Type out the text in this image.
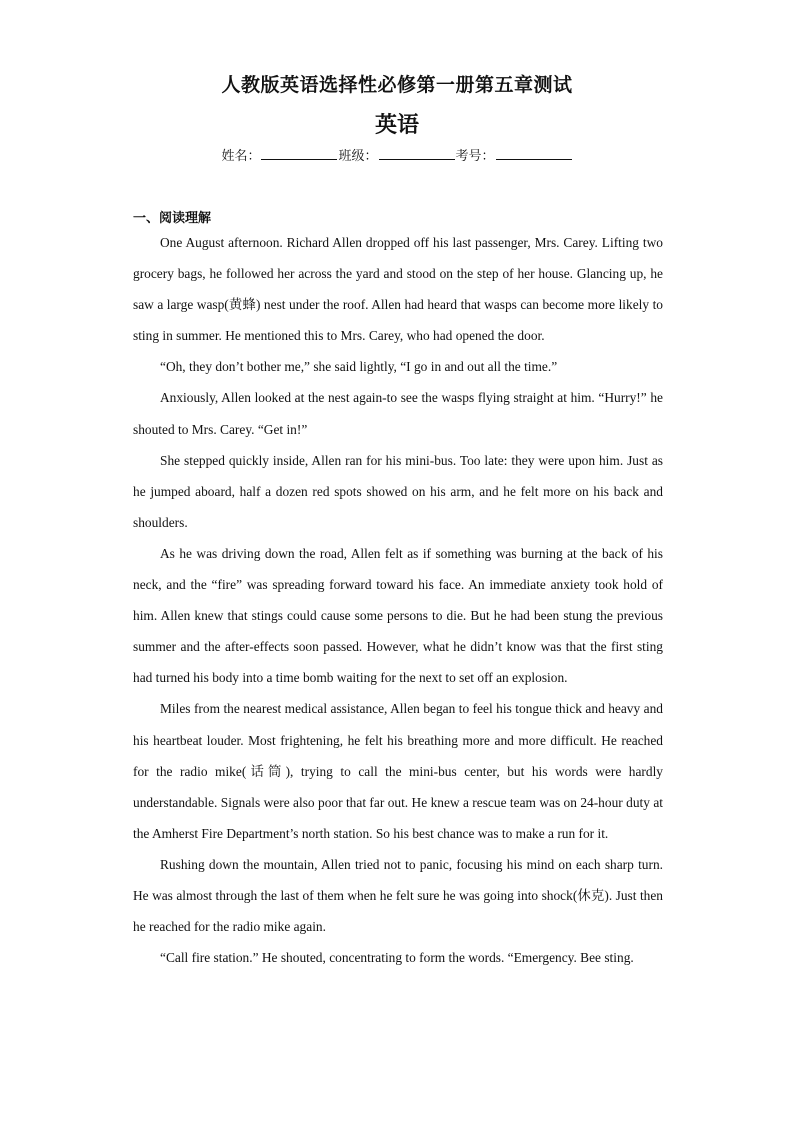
人教版英语选择性必修第一册第五章测试
英语
姓名：	班级：	考号：
一、阅读理解

One August afternoon. Richard Allen dropped off his last passenger, Mrs. Carey. Lifting two grocery bags, he followed her across the yard and stood on the step of her house. Glancing up, he saw a large wasp(黄蜂) nest under the roof. Allen had heard that wasps can become more likely to sting in summer. He mentioned this to Mrs. Carey, who had opened the door.

“Oh, they don’t bother me,” she said lightly, “I go in and out all the time.”

Anxiously, Allen looked at the nest again-to see the wasps flying straight at him. “Hurry!” he shouted to Mrs. Carey. “Get in!”

She stepped quickly inside, Allen ran for his mini-bus. Too late: they were upon him. Just as he jumped aboard, half a dozen red spots showed on his arm, and he felt more on his back and shoulders.

As he was driving down the road, Allen felt as if something was burning at the back of his neck, and the “fire” was spreading forward toward his face. An immediate anxiety took hold of him. Allen knew that stings could cause some persons to die. But he had been stung the previous summer and the after-effects soon passed. However, what he didn’t know was that the first sting had turned his body into a time bomb waiting for the next to set off an explosion.

Miles from the nearest medical assistance, Allen began to feel his tongue thick and heavy and his heartbeat louder. Most frightening, he felt his breathing more and more difficult. He reached for the radio mike(话筒), trying to call the mini-bus center, but his words were hardly understandable. Signals were also poor that far out. He knew a rescue team was on 24-hour duty at the Amherst Fire Department’s north station. So his best chance was to make a run for it.

Rushing down the mountain, Allen tried not to panic, focusing his mind on each sharp turn. He was almost through the last of them when he felt sure he was going into shock(休克). Just then he reached for the radio mike again.

“Call fire station.” He shouted, concentrating to form the words. “Emergency. Bee sting.
